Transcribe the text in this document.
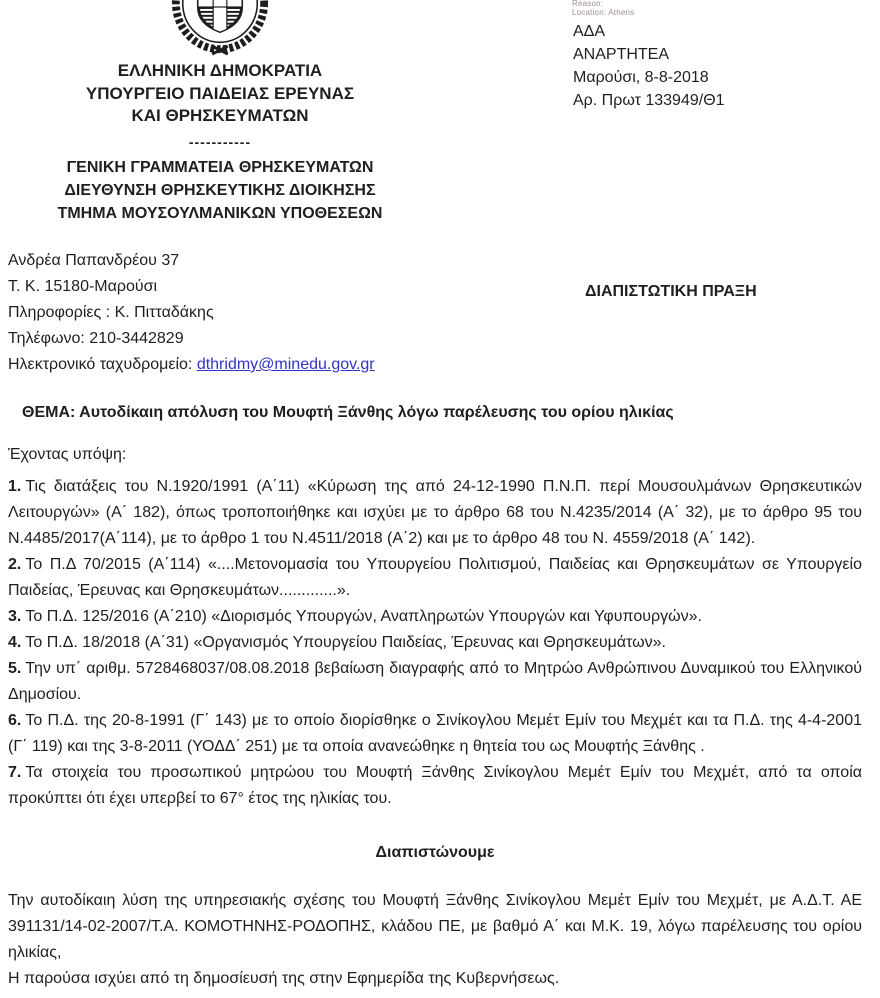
Reason:
Location: Athens
ΕΛΛΗΝΙΚΗ ΔΗΜΟΚΡΑΤΙΑ
ΥΠΟΥΡΓΕΙΟ ΠΑΙΔΕΙΑΣ ΕΡΕΥΝΑΣ
ΚΑΙ ΘΡΗΣΚΕΥΜΑΤΩΝ
-----------
ΓΕΝΙΚΗ ΓΡΑΜΜΑΤΕΙΑ ΘΡΗΣΚΕΥΜΑΤΩΝ
ΔΙΕΥΘΥΝΣΗ ΘΡΗΣΚΕΥΤΙΚΗΣ ΔΙΟΙΚΗΣΗΣ
ΤΜΗΜΑ ΜΟΥΣΟΥΛΜΑΝΙΚΩΝ ΥΠΟΘΕΣΕΩΝ
ΑΔΑ
ΑΝΑΡΤΗΤΕΑ
Μαρούσι, 8-8-2018
Αρ. Πρωτ 133949/Θ1
Ανδρέα Παπανδρέου 37
Τ. Κ. 15180-Μαρούσι
Πληροφορίες : Κ. Πιτταδάκης
Τηλέφωνο: 210-3442829
Ηλεκτρονικό ταχυδρομείο: dthridmy@minedu.gov.gr
ΔΙΑΠΙΣΤΩΤΙΚΗ ΠΡΑΞΗ
ΘΕΜΑ: Αυτοδίκαιη απόλυση του Μουφτή Ξάνθης λόγω παρέλευσης του ορίου ηλικίας

Έχοντας υπόψη:

1. Τις διατάξεις του Ν.1920/1991 (Α΄11) «Κύρωση της από 24-12-1990 Π.Ν.Π. περί Μουσουλμάνων Θρησκευτικών Λειτουργών» (Α΄ 182), όπως τροποποιήθηκε και ισχύει με το άρθρο 68 του Ν.4235/2014 (Α΄ 32), με το άρθρο 95 του Ν.4485/2017(Α΄114), με το άρθρο 1 του Ν.4511/2018 (Α΄2) και με το άρθρο 48 του Ν. 4559/2018 (Α΄ 142).

2. Το Π.Δ 70/2015 (Α΄114) «....Μετονομασία του Υπουργείου Πολιτισμού, Παιδείας και Θρησκευμάτων σε Υπουργείο Παιδείας, Έρευνας και Θρησκευμάτων.............».

3. Το Π.Δ. 125/2016 (Α΄210) «Διορισμός Υπουργών, Αναπληρωτών Υπουργών και Υφυπουργών».

4. Το Π.Δ. 18/2018 (Α΄31) «Οργανισμός Υπουργείου Παιδείας, Έρευνας και Θρησκευμάτων».

5. Την υπ΄ αριθμ. 5728468037/08.08.2018 βεβαίωση διαγραφής από το Μητρώο Ανθρώπινου Δυναμικού του Ελληνικού Δημοσίου.

6. Το Π.Δ. της 20-8-1991 (Γ΄ 143) με το οποίο διορίσθηκε ο Σινίκογλου Μεμέτ Εμίν του Μεχμέτ και τα Π.Δ. της 4-4-2001 (Γ΄ 119) και της 3-8-2011 (ΥΟΔΔ΄ 251) με τα οποία ανανεώθηκε η θητεία του ως Μουφτής Ξάνθης .

7. Τα στοιχεία του προσωπικού μητρώου του Μουφτή Ξάνθης Σινίκογλου Μεμέτ Εμίν του Μεχμέτ, από τα οποία προκύπτει ότι έχει υπερβεί το 67° έτος της ηλικίας του.

Διαπιστώνουμε

Την αυτοδίκαιη λύση της υπηρεσιακής σχέσης του Μουφτή Ξάνθης Σινίκογλου Μεμέτ Εμίν του Μεχμέτ, με Α.Δ.Τ. ΑΕ 391131/14-02-2007/Τ.Α. ΚΟΜΟΤΗΝΗΣ-ΡΟΔΟΠΗΣ, κλάδου ΠΕ, με βαθμό Α΄ και Μ.Κ. 19, λόγω παρέλευσης του ορίου ηλικίας,

Η παρούσα ισχύει από τη δημοσίευσή της στην Εφημερίδα της Κυβερνήσεως.
